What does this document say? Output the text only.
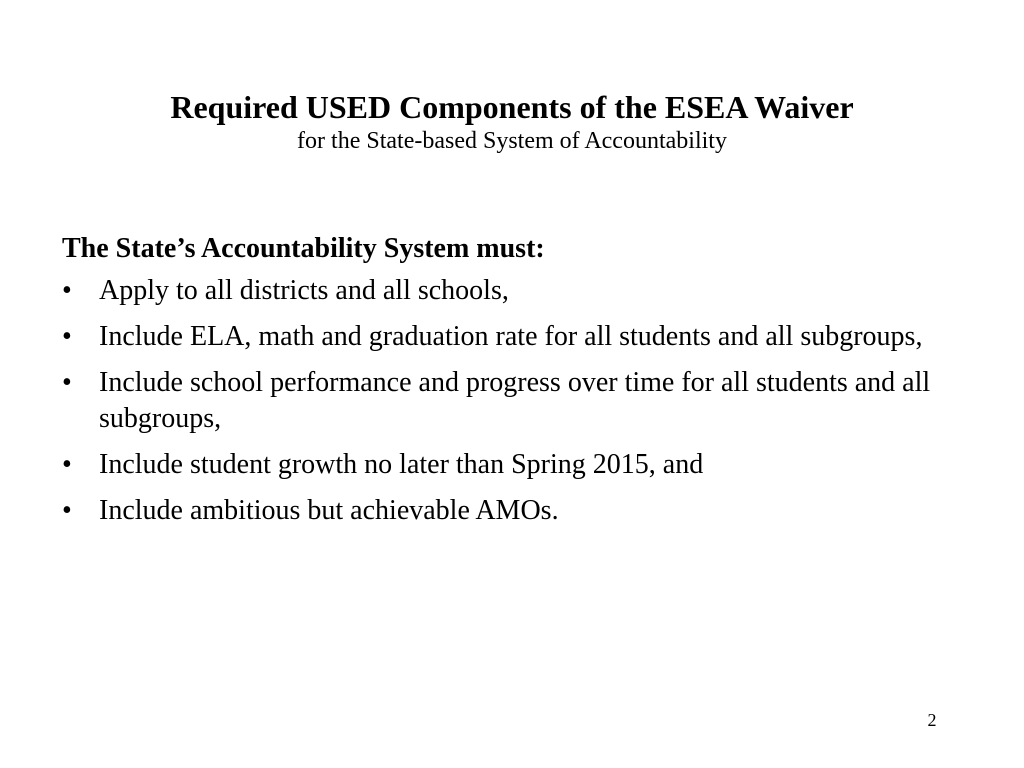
Required USED Components of the ESEA Waiver

for the State-based System of Accountability

The State’s Accountability System must:

• Apply to all districts and all schools,
• Include ELA, math and graduation rate for all students and all subgroups,
• Include school performance and progress over time for all students and all subgroups,
• Include student growth no later than Spring 2015, and
• Include ambitious but achievable AMOs.
2
